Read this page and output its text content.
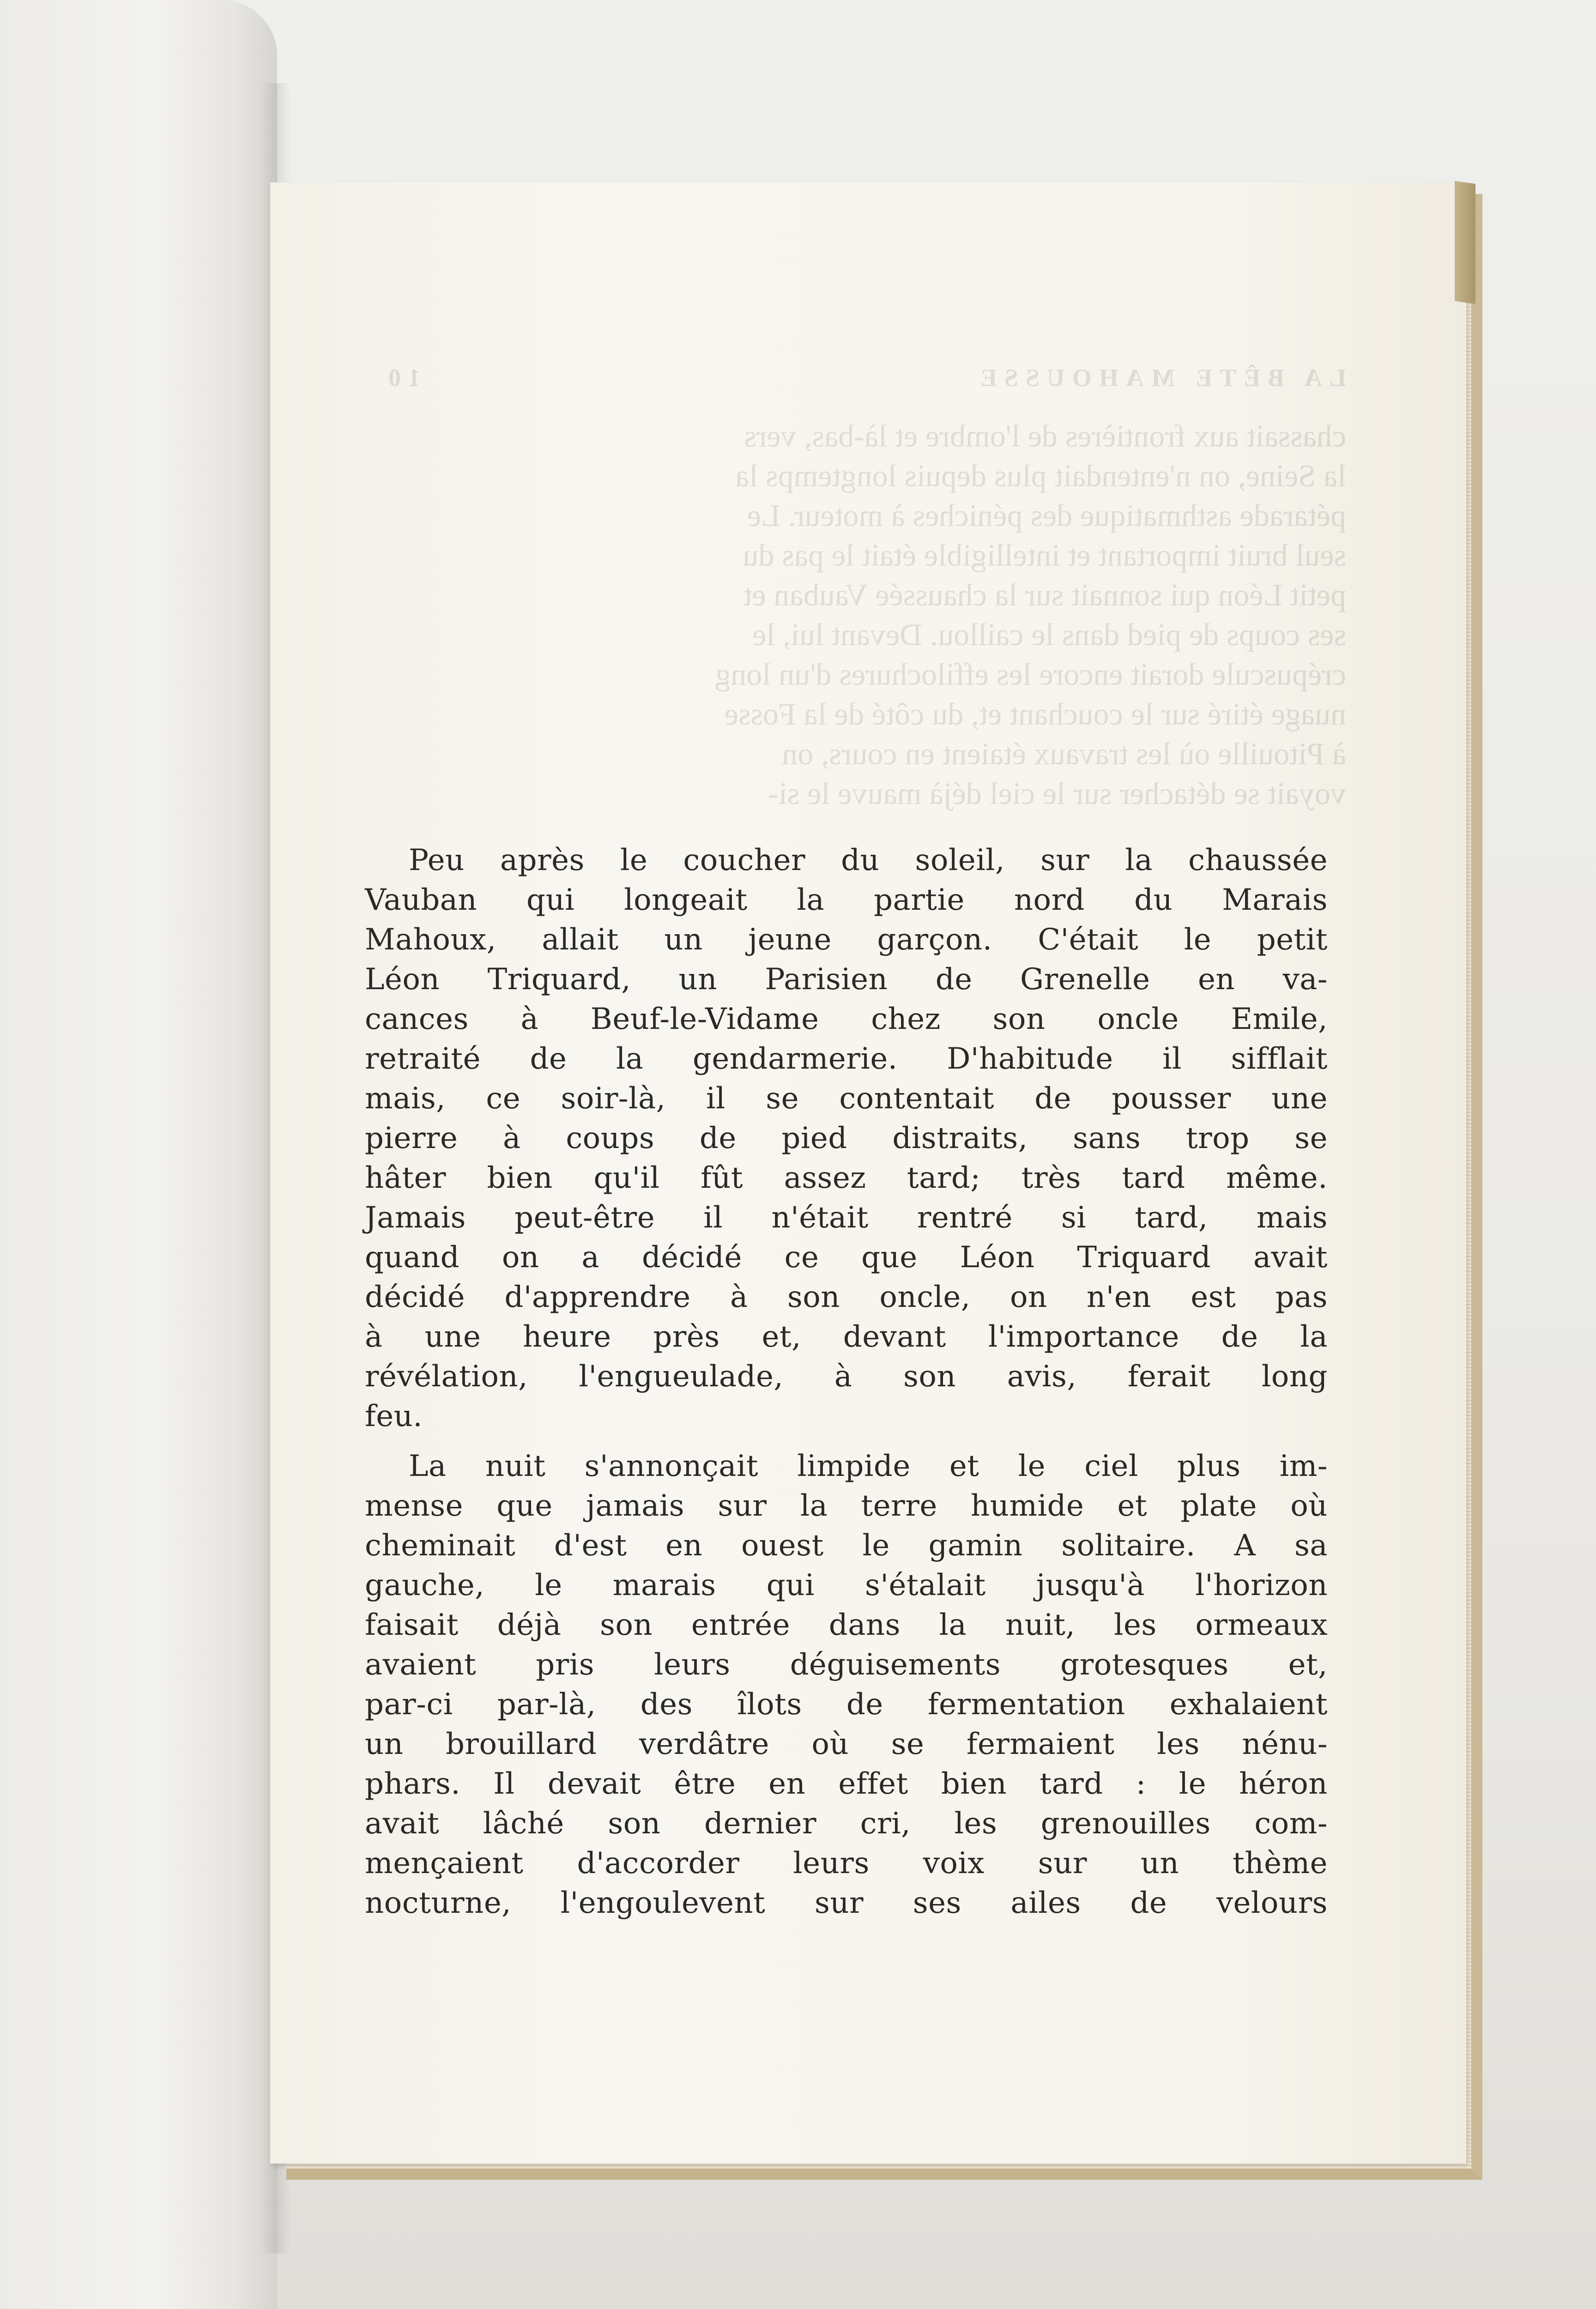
LA BÊTE MAHOUSSE
10

chassait aux frontières de l'ombre et là-bas, vers

la Seine, on n'entendait plus depuis longtemps la

pétarade asthmatique des péniches à moteur. Le

seul bruit important et intelligible était le pas du

petit Léon qui sonnait sur la chaussée Vauban et

ses coups de pied dans le caillou. Devant lui, le

crépuscule dorait encore les effilochures d'un long

nuage étiré sur le couchant et, du côté de la Fosse

à Pitouille où les travaux étaient en cours, on

voyait se détacher sur le ciel déjà mauve le si-

Peu après le coucher du soleil, sur la chaussée
Vauban qui longeait la partie nord du Marais
Mahoux, allait un jeune garçon. C'était le petit
Léon Triquard, un Parisien de Grenelle en va-
cances à Beuf-le-Vidame chez son oncle Emile,
retraité de la gendarmerie. D'habitude il sifflait
mais, ce soir-là, il se contentait de pousser une
pierre à coups de pied distraits, sans trop se
hâter bien qu'il fût assez tard; très tard même.
Jamais peut-être il n'était rentré si tard, mais
quand on a décidé ce que Léon Triquard avait
décidé d'apprendre à son oncle, on n'en est pas
à une heure près et, devant l'importance de la
révélation, l'engueulade, à son avis, ferait long
feu.
La nuit s'annonçait limpide et le ciel plus im-
mense que jamais sur la terre humide et plate où
cheminait d'est en ouest le gamin solitaire. A sa
gauche, le marais qui s'étalait jusqu'à l'horizon
faisait déjà son entrée dans la nuit, les ormeaux
avaient pris leurs déguisements grotesques et,
par-ci par-là, des îlots de fermentation exhalaient
un brouillard verdâtre où se fermaient les nénu-
phars. Il devait être en effet bien tard : le héron
avait lâché son dernier cri, les grenouilles com-
mençaient d'accorder leurs voix sur un thème
nocturne, l'engoulevent sur ses ailes de velours
